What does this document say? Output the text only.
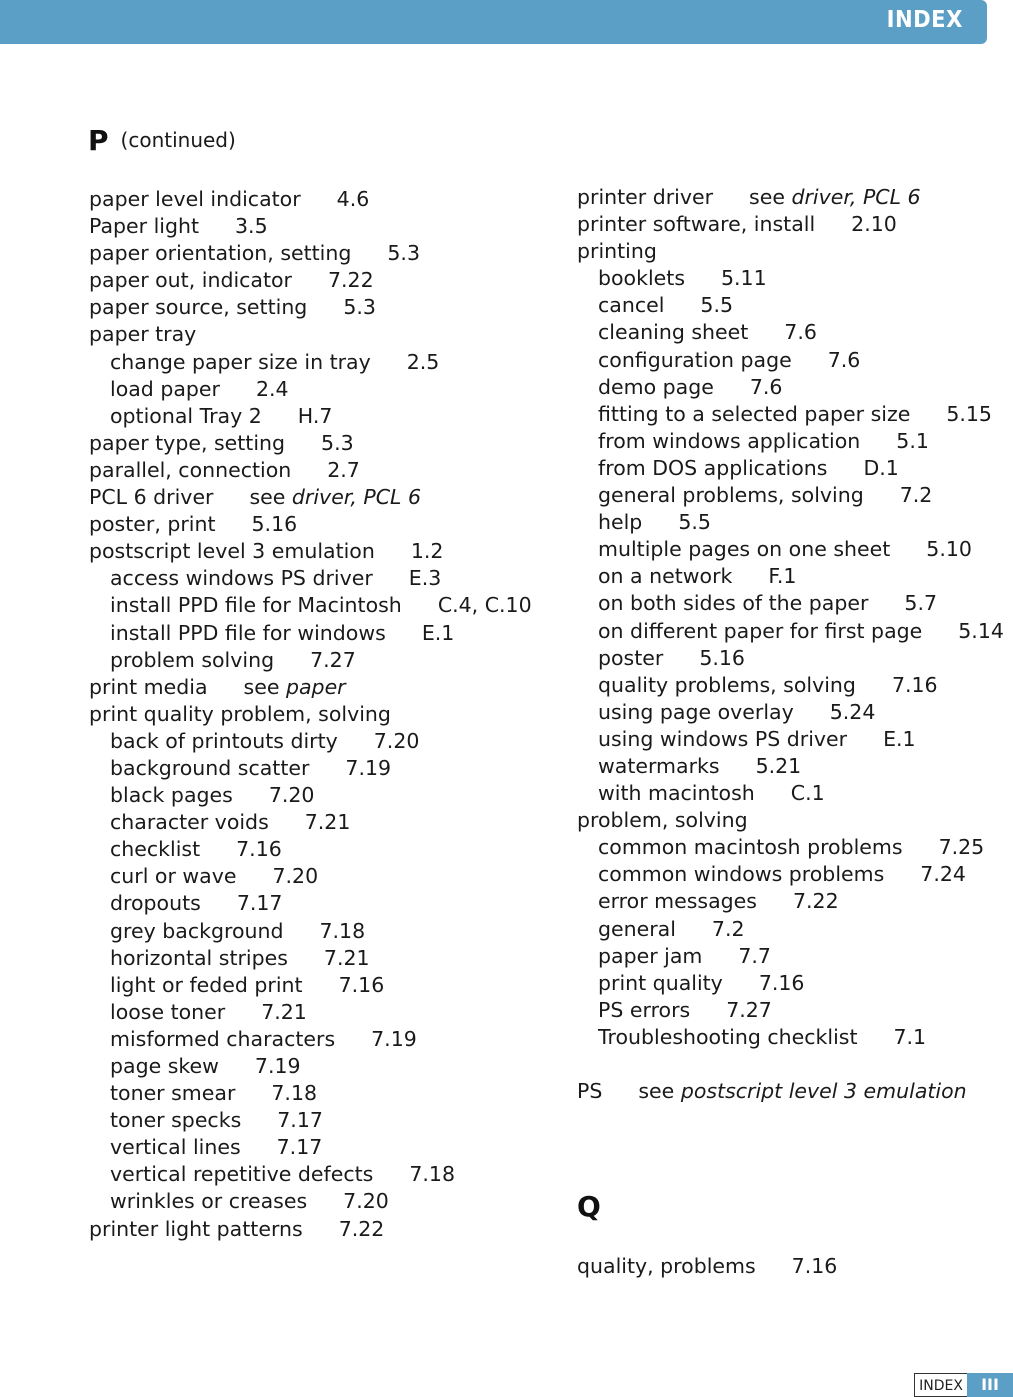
INDEX
P (continued)
paper level indicator 4.6
Paper light 3.5
paper orientation, setting 5.3
paper out, indicator 7.22
paper source, setting 5.3
paper tray
change paper size in tray 2.5
load paper 2.4
optional Tray 2 H.7
paper type, setting 5.3
parallel, connection 2.7
PCL 6 driver see driver, PCL 6
poster, print 5.16
postscript level 3 emulation 1.2
access windows PS driver E.3
install PPD file for Macintosh C.4, C.10
install PPD file for windows E.1
problem solving 7.27
print media see paper
print quality problem, solving
back of printouts dirty 7.20
background scatter 7.19
black pages 7.20
character voids 7.21
checklist 7.16
curl or wave 7.20
dropouts 7.17
grey background 7.18
horizontal stripes 7.21
light or feded print 7.16
loose toner 7.21
misformed characters 7.19
page skew 7.19
toner smear 7.18
toner specks 7.17
vertical lines 7.17
vertical repetitive defects 7.18
wrinkles or creases 7.20
printer light patterns 7.22
printer driver see driver, PCL 6
printer software, install 2.10
printing
booklets 5.11
cancel 5.5
cleaning sheet 7.6
configuration page 7.6
demo page 7.6
fitting to a selected paper size 5.15
from windows application 5.1
from DOS applications D.1
general problems, solving 7.2
help 5.5
multiple pages on one sheet 5.10
on a network F.1
on both sides of the paper 5.7
on different paper for first page 5.14
poster 5.16
quality problems, solving 7.16
using page overlay 5.24
using windows PS driver E.1
watermarks 5.21
with macintosh C.1
problem, solving
common macintosh problems 7.25
common windows problems 7.24
error messages 7.22
general 7.2
paper jam 7.7
print quality 7.16
PS errors 7.27
Troubleshooting checklist 7.1
PS see postscript level 3 emulation
Q
quality, problems 7.16
INDEX	III
